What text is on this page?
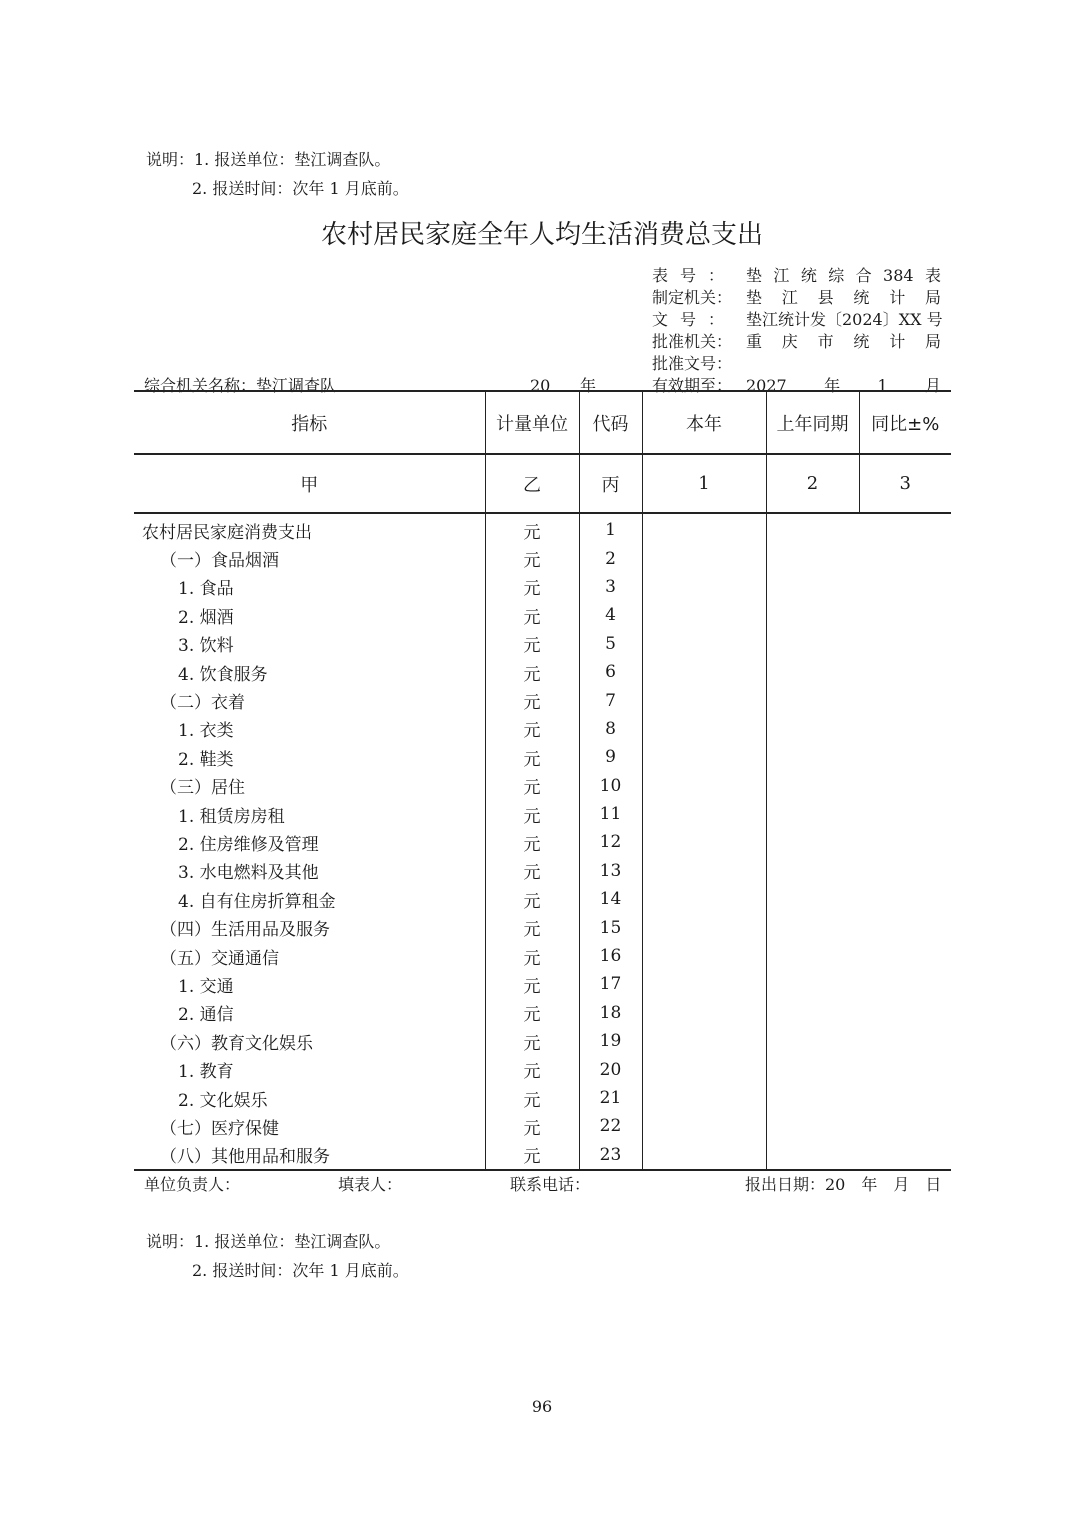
说明：1. 报送单位：垫江调查队。
2. 报送时间：次年 1 月底前。
农村居民家庭全年人均生活消费总支出
表号： 垫江统综合384表
制定机关： 垫江县统计局
文号： 垫江统计发〔2024〕XX 号
批准机关： 重庆市统计局
批准文号：
有效期至： 2027年1月
综合机关名称：垫江调查队	20 年
指标	计量单位	代码	本年	上年同期	同比±%
甲	乙	丙	1	2	3
农村居民家庭消费支出	元	1			
（一）食品烟酒	元	2			
1. 食品	元	3			
2. 烟酒	元	4			
3. 饮料	元	5			
4. 饮食服务	元	6			
（二）衣着	元	7			
1. 衣类	元	8			
2. 鞋类	元	9			
（三）居住	元	10			
1. 租赁房房租	元	11			
2. 住房维修及管理	元	12			
3. 水电燃料及其他	元	13			
4. 自有住房折算租金	元	14			
（四）生活用品及服务	元	15			
（五）交通通信	元	16			
1. 交通	元	17			
2. 通信	元	18			
（六）教育文化娱乐	元	19			
1. 教育	元	20			
2. 文化娱乐	元	21			
（七）医疗保健	元	22			
（八）其他用品和服务	元	23			
单位负责人：	填表人：	联系电话：	报出日期：20　年　月　日
说明：1. 报送单位：垫江调查队。
2. 报送时间：次年 1 月底前。
96
